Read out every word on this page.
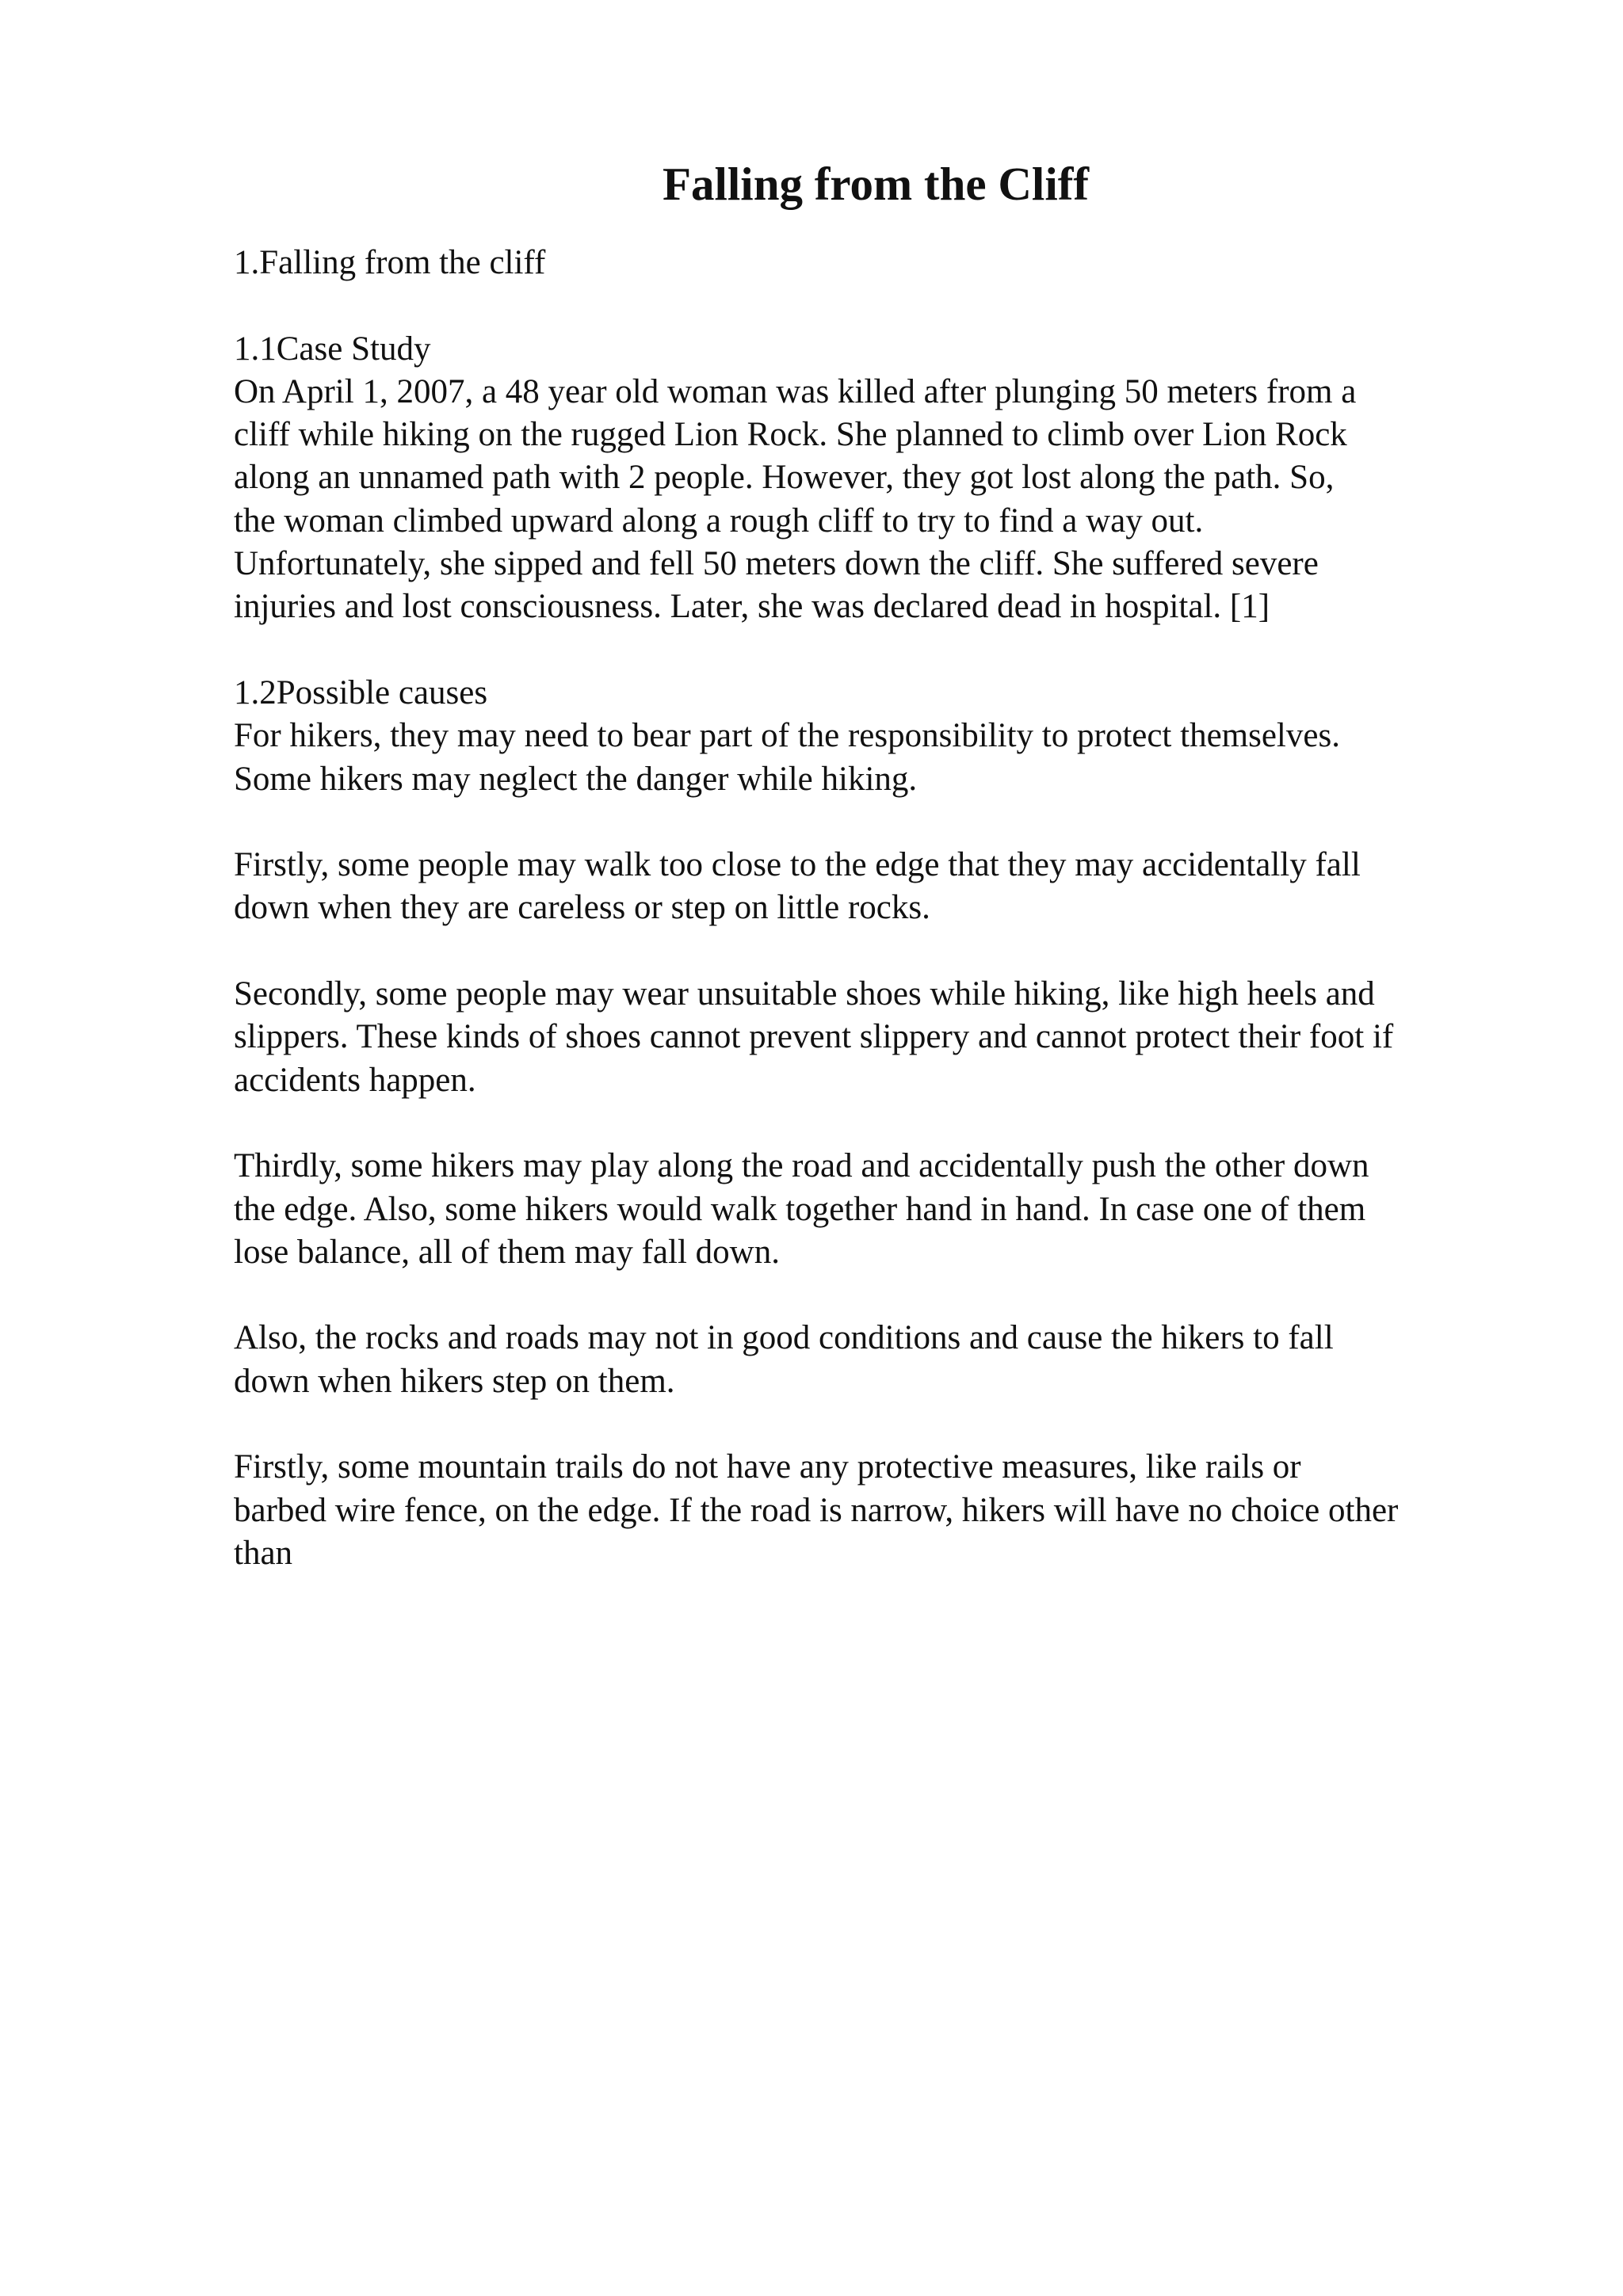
Falling from the Cliff
1.Falling from the cliff
1.1Case Study
On April 1, 2007, a 48 year old woman was killed after plunging 50 meters from a
cliff while hiking on the rugged Lion Rock. She planned to climb over Lion Rock
along an unnamed path with 2 people. However, they got lost along the path. So,
the woman climbed upward along a rough cliff to try to find a way out.
Unfortunately, she sipped and fell 50 meters down the cliff. She suffered severe
injuries and lost consciousness. Later, she was declared dead in hospital. [1]
1.2Possible causes
For hikers, they may need to bear part of the responsibility to protect themselves.
Some hikers may neglect the danger while hiking.
Firstly, some people may walk too close to the edge that they may accidentally fall
down when they are careless or step on little rocks.
Secondly, some people may wear unsuitable shoes while hiking, like high heels and
slippers. These kinds of shoes cannot prevent slippery and cannot protect their foot if
accidents happen.
Thirdly, some hikers may play along the road and accidentally push the other down
the edge. Also, some hikers would walk together hand in hand. In case one of them
lose balance, all of them may fall down.
Also, the rocks and roads may not in good conditions and cause the hikers to fall
down when hikers step on them.
Firstly, some mountain trails do not have any protective measures, like rails or
barbed wire fence, on the edge. If the road is narrow, hikers will have no choice other
than
